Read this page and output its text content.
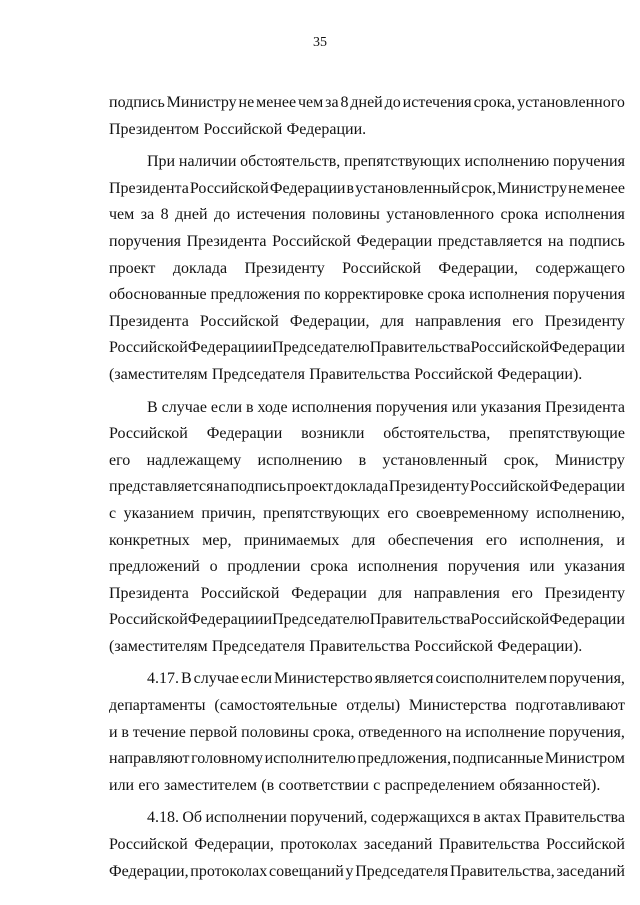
35
подпись Министру не менее чем за 8 дней до истечения срока, установленного
Президентом Российской Федерации.
При наличии обстоятельств, препятствующих исполнению поручения
Президента Российской Федерации в установленный срок, Министру не менее
чем за 8 дней до истечения половины установленного срока исполнения
поручения Президента Российской Федерации представляется на подпись
проект доклада Президенту Российской Федерации, содержащего
обоснованные предложения по корректировке срока исполнения поручения
Президента Российской Федерации, для направления его Президенту
Российской Федерации и Председателю Правительства Российской Федерации
(заместителям Председателя Правительства Российской Федерации).
В случае если в ходе исполнения поручения или указания Президента
Российской Федерации возникли обстоятельства, препятствующие
его надлежащему исполнению в установленный срок, Министру
представляется на подпись проект доклада Президенту Российской Федерации
с указанием причин, препятствующих его своевременному исполнению,
конкретных мер, принимаемых для обеспечения его исполнения, и
предложений о продлении срока исполнения поручения или указания
Президента Российской Федерации для направления его Президенту
Российской Федерации и Председателю Правительства Российской Федерации
(заместителям Председателя Правительства Российской Федерации).
4.17. В случае если Министерство является соисполнителем поручения,
департаменты (самостоятельные отделы) Министерства подготавливают
и в течение первой половины срока, отведенного на исполнение поручения,
направляют головному исполнителю предложения, подписанные Министром
или его заместителем (в соответствии с распределением обязанностей).
4.18. Об исполнении поручений, содержащихся в актах Правительства
Российской Федерации, протоколах заседаний Правительства Российской
Федерации, протоколах совещаний у Председателя Правительства, заседаний
